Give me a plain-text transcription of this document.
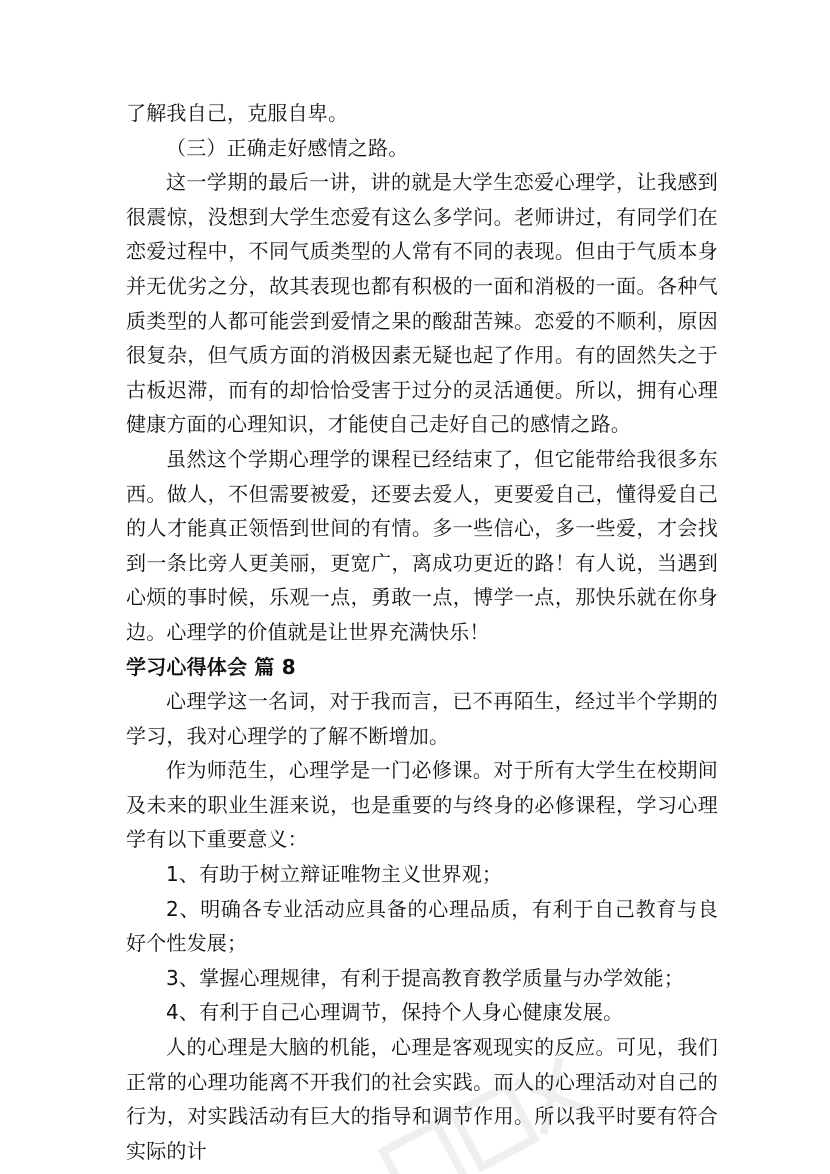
了解我自己，克服自卑。

（三）正确走好感情之路。

这一学期的最后一讲，讲的就是大学生恋爱心理学，让我感到很震惊，没想到大学生恋爱有这么多学问。老师讲过，有同学们在恋爱过程中，不同气质类型的人常有不同的表现。但由于气质本身并无优劣之分，故其表现也都有积极的一面和消极的一面。各种气质类型的人都可能尝到爱情之果的酸甜苦辣。恋爱的不顺利，原因很复杂，但气质方面的消极因素无疑也起了作用。有的固然失之于古板迟滞，而有的却恰恰受害于过分的灵活通便。所以，拥有心理健康方面的心理知识，才能使自己走好自己的感情之路。

虽然这个学期心理学的课程已经结束了，但它能带给我很多东西。做人，不但需要被爱，还要去爱人，更要爱自己，懂得爱自己的人才能真正领悟到世间的有情。多一些信心，多一些爱，才会找到一条比旁人更美丽，更宽广，离成功更近的路！有人说，当遇到心烦的事时候，乐观一点，勇敢一点，博学一点，那快乐就在你身边。心理学的价值就是让世界充满快乐！

学习心得体会 篇 8

心理学这一名词，对于我而言，已不再陌生，经过半个学期的学习，我对心理学的了解不断增加。

作为师范生，心理学是一门必修课。对于所有大学生在校期间及未来的职业生涯来说，也是重要的与终身的必修课程，学习心理学有以下重要意义：

1、有助于树立辩证唯物主义世界观；

2、明确各专业活动应具备的心理品质，有利于自己教育与良好个性发展；

3、掌握心理规律，有利于提高教育教学质量与办学效能；

4、有利于自己心理调节，保持个人身心健康发展。

人的心理是大脑的机能，心理是客观现实的反应。可见，我们正常的心理功能离不开我们的社会实践。而人的心理活动对自己的行为，对实践活动有巨大的指导和调节作用。所以我平时要有符合实际的计
